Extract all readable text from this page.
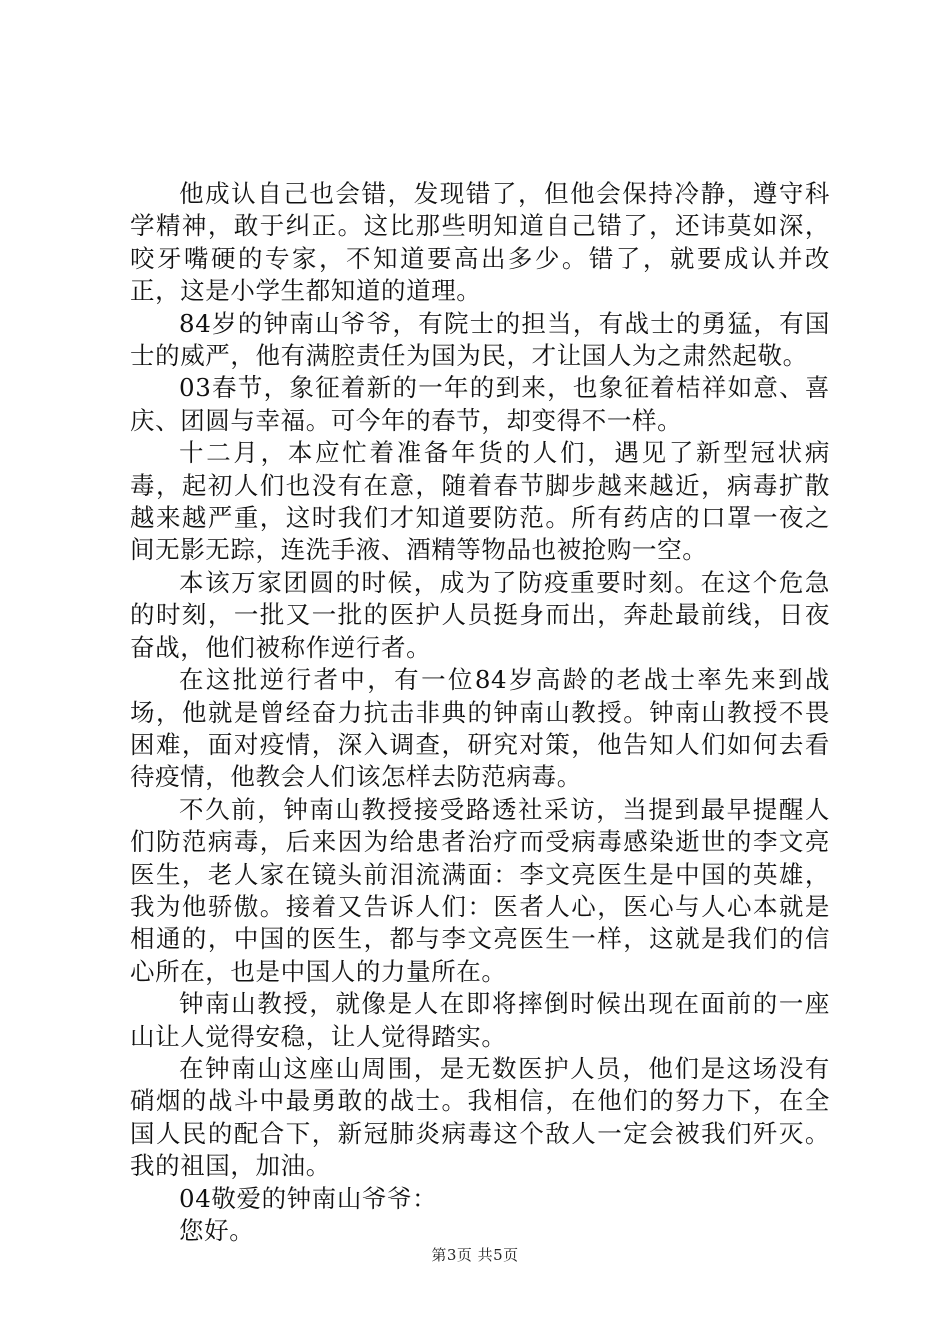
他成认自己也会错，发现错了，但他会保持冷静，遵守科学精神，敢于纠正。这比那些明知道自己错了，还讳莫如深，咬牙嘴硬的专家，不知道要高出多少。错了，就要成认并改正，这是小学生都知道的道理。

84岁的钟南山爷爷，有院士的担当，有战士的勇猛，有国士的威严，他有满腔责任为国为民，才让国人为之肃然起敬。

03春节，象征着新的一年的到来，也象征着桔祥如意、喜庆、团圆与幸福。可今年的春节，却变得不一样。

十二月，本应忙着准备年货的人们，遇见了新型冠状病毒，起初人们也没有在意，随着春节脚步越来越近，病毒扩散越来越严重，这时我们才知道要防范。所有药店的口罩一夜之间无影无踪，连洗手液、酒精等物品也被抢购一空。

本该万家团圆的时候，成为了防疫重要时刻。在这个危急的时刻，一批又一批的医护人员挺身而出，奔赴最前线，日夜奋战，他们被称作逆行者。

在这批逆行者中，有一位84岁高龄的老战士率先来到战场，他就是曾经奋力抗击非典的钟南山教授。钟南山教授不畏困难，面对疫情，深入调查，研究对策，他告知人们如何去看待疫情，他教会人们该怎样去防范病毒。

不久前，钟南山教授接受路透社采访，当提到最早提醒人们防范病毒，后来因为给患者治疗而受病毒感染逝世的李文亮医生，老人家在镜头前泪流满面：李文亮医生是中国的英雄，我为他骄傲。接着又告诉人们：医者人心，医心与人心本就是相通的，中国的医生，都与李文亮医生一样，这就是我们的信心所在，也是中国人的力量所在。

钟南山教授，就像是人在即将摔倒时候出现在面前的一座山让人觉得安稳，让人觉得踏实。

在钟南山这座山周围，是无数医护人员，他们是这场没有硝烟的战斗中最勇敢的战士。我相信，在他们的努力下，在全国人民的配合下，新冠肺炎病毒这个敌人一定会被我们歼灭。我的祖国，加油。

04敬爱的钟南山爷爷：

您好。

第3页 共5页
